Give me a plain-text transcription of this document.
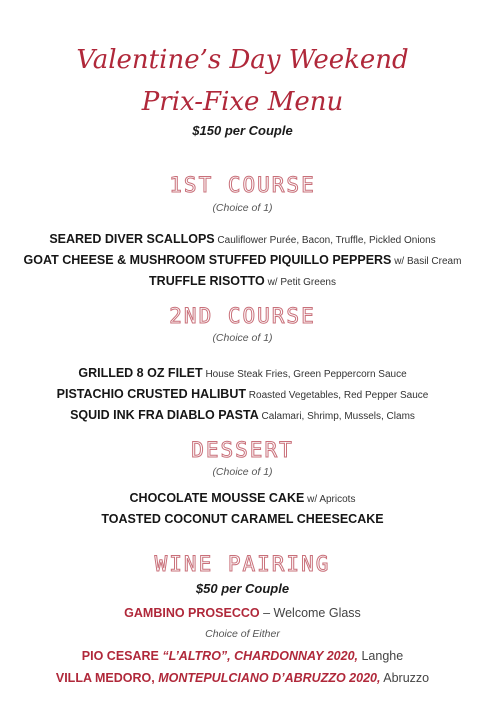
Valentine’s Day Weekend
Prix-Fixe Menu
$150 per Couple
1ST COURSE
(Choice of 1)
SEARED DIVER SCALLOPS Cauliflower Purée, Bacon, Truffle, Pickled Onions
GOAT CHEESE & MUSHROOM STUFFED PIQUILLO PEPPERS w/ Basil Cream
TRUFFLE RISOTTO w/ Petit Greens
2ND COURSE
(Choice of 1)
GRILLED 8 OZ FILET House Steak Fries, Green Peppercorn Sauce
PISTACHIO CRUSTED HALIBUT Roasted Vegetables, Red Pepper Sauce
SQUID INK FRA DIABLO PASTA Calamari, Shrimp, Mussels, Clams
DESSERT
(Choice of 1)
CHOCOLATE MOUSSE CAKE w/ Apricots
TOASTED COCONUT CARAMEL CHEESECAKE
WINE PAIRING
$50 per Couple
GAMBINO PROSECCO – Welcome Glass
Choice of Either
PIO CESARE “L’ALTRO”, CHARDONNAY 2020, Langhe
VILLA MEDORO, MONTEPULCIANO D’ABRUZZO 2020, Abruzzo
